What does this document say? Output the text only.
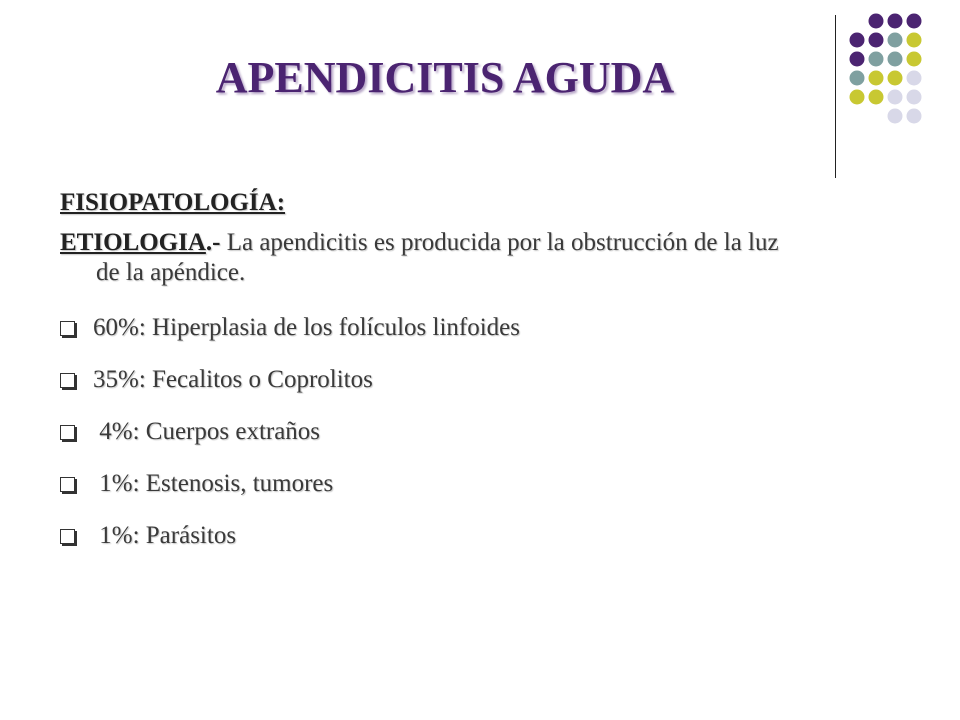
APENDICITIS AGUDA
FISIOPATOLOGÍA:
ETIOLOGIA.- La apendicitis es producida por la obstrucción de la luz de la apéndice.
60%: Hiperplasia de los folículos linfoides
35%: Fecalitos o Coprolitos
4%: Cuerpos extraños
1%: Estenosis, tumores
1%: Parásitos
